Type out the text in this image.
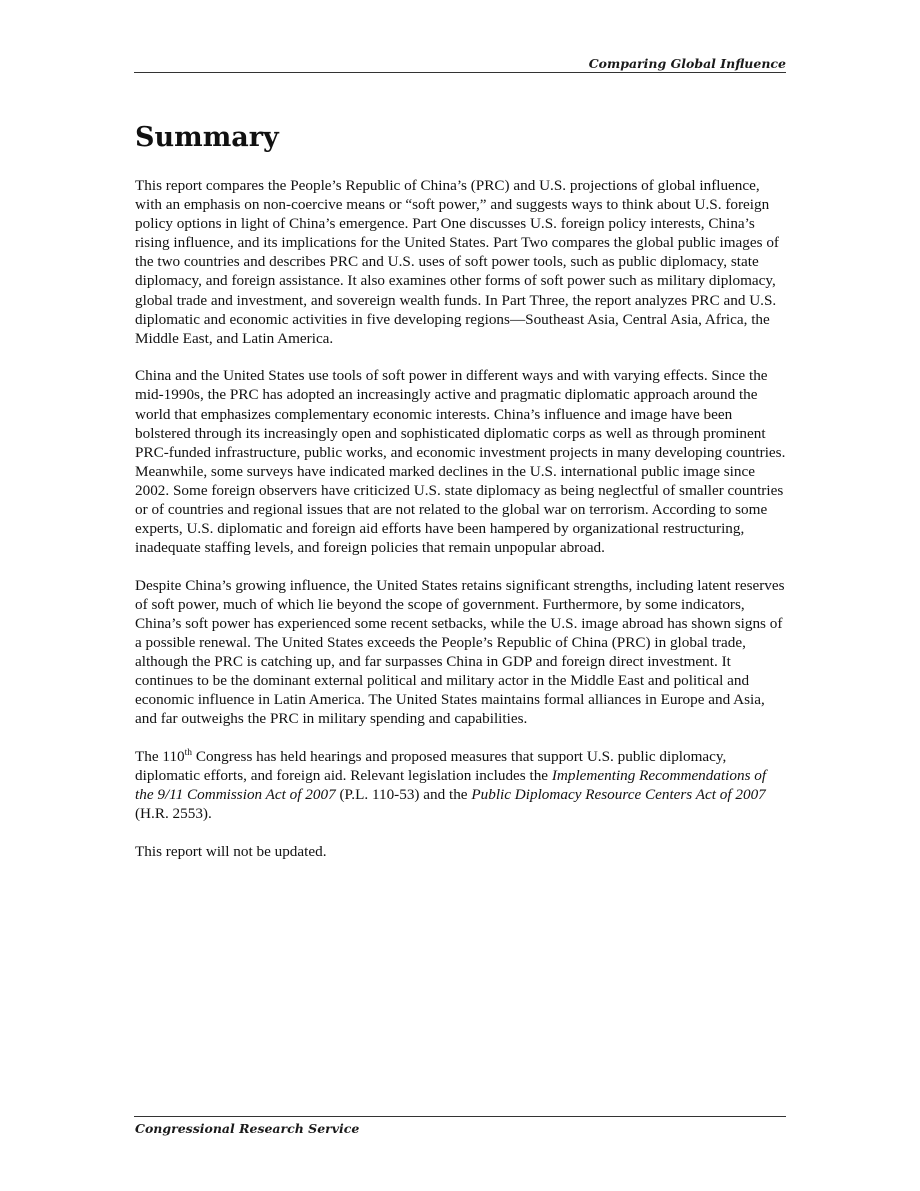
Comparing Global Influence
Summary

This report compares the People’s Republic of China’s (PRC) and U.S. projections of global influence, with an emphasis on non-coercive means or “soft power,” and suggests ways to think about U.S. foreign policy options in light of China’s emergence. Part One discusses U.S. foreign policy interests, China’s rising influence, and its implications for the United States. Part Two compares the global public images of the two countries and describes PRC and U.S. uses of soft power tools, such as public diplomacy, state diplomacy, and foreign assistance. It also examines other forms of soft power such as military diplomacy, global trade and investment, and sovereign wealth funds. In Part Three, the report analyzes PRC and U.S. diplomatic and economic activities in five developing regions—Southeast Asia, Central Asia, Africa, the Middle East, and Latin America.

China and the United States use tools of soft power in different ways and with varying effects. Since the mid-1990s, the PRC has adopted an increasingly active and pragmatic diplomatic approach around the world that emphasizes complementary economic interests. China’s influence and image have been bolstered through its increasingly open and sophisticated diplomatic corps as well as through prominent PRC-funded infrastructure, public works, and economic investment projects in many developing countries. Meanwhile, some surveys have indicated marked declines in the U.S. international public image since 2002. Some foreign observers have criticized U.S. state diplomacy as being neglectful of smaller countries or of countries and regional issues that are not related to the global war on terrorism. According to some experts, U.S. diplomatic and foreign aid efforts have been hampered by organizational restructuring, inadequate staffing levels, and foreign policies that remain unpopular abroad.

Despite China’s growing influence, the United States retains significant strengths, including latent reserves of soft power, much of which lie beyond the scope of government. Furthermore, by some indicators, China’s soft power has experienced some recent setbacks, while the U.S. image abroad has shown signs of a possible renewal. The United States exceeds the People’s Republic of China (PRC) in global trade, although the PRC is catching up, and far surpasses China in GDP and foreign direct investment. It continues to be the dominant external political and military actor in the Middle East and political and economic influence in Latin America. The United States maintains formal alliances in Europe and Asia, and far outweighs the PRC in military spending and capabilities.

The 110th Congress has held hearings and proposed measures that support U.S. public diplomacy, diplomatic efforts, and foreign aid. Relevant legislation includes the Implementing Recommendations of the 9/11 Commission Act of 2007 (P.L. 110-53) and the Public Diplomacy Resource Centers Act of 2007 (H.R. 2553).

This report will not be updated.

Congressional Research Service
